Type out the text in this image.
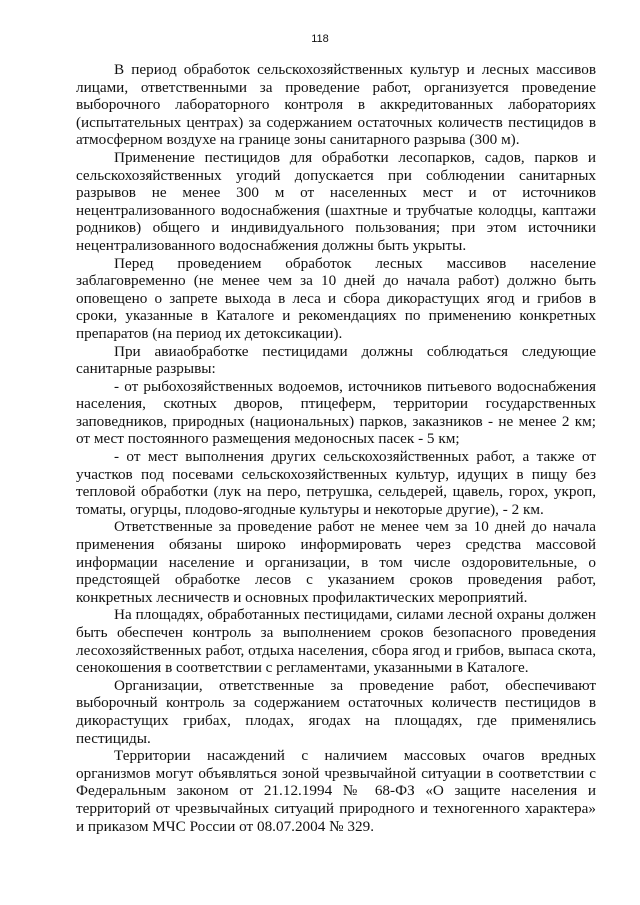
118

В период обработок сельскохозяйственных культур и лесных массивов лицами, ответственными за проведение работ, организуется проведение выборочного лабораторного контроля в аккредитованных лабораториях (испытательных центрах) за содержанием остаточных количеств пестицидов в атмосферном воздухе на границе зоны санитарного разрыва (300 м).

Применение пестицидов для обработки лесопарков, садов, парков и сельскохозяйственных угодий допускается при соблюдении санитарных разрывов не менее 300 м от населенных мест и от источников нецентрализованного водоснабжения (шахтные и трубчатые колодцы, каптажи родников) общего и индивидуального пользования; при этом источники нецентрализованного водоснабжения должны быть укрыты.

Перед проведением обработок лесных массивов население заблаговременно (не менее чем за 10 дней до начала работ) должно быть оповещено о запрете выхода в леса и сбора дикорастущих ягод и грибов в сроки, указанные в Каталоге и рекомендациях по применению конкретных препаратов (на период их детоксикации).

При авиаобработке пестицидами должны соблюдаться следующие санитарные разрывы:

- от рыбохозяйственных водоемов, источников питьевого водоснабжения населения, скотных дворов, птицеферм, территории государственных заповедников, природных (национальных) парков, заказников - не менее 2 км; от мест постоянного размещения медоносных пасек - 5 км;

- от мест выполнения других сельскохозяйственных работ, а также от участков под посевами сельскохозяйственных культур, идущих в пищу без тепловой обработки (лук на перо, петрушка, сельдерей, щавель, горох, укроп, томаты, огурцы, плодово-ягодные культуры и некоторые другие), - 2 км.

Ответственные за проведение работ не менее чем за 10 дней до начала применения обязаны широко информировать через средства массовой информации население и организации, в том числе оздоровительные, о предстоящей обработке лесов с указанием сроков проведения работ, конкретных лесничеств и основных профилактических мероприятий.

На площадях, обработанных пестицидами, силами лесной охраны должен быть обеспечен контроль за выполнением сроков безопасного проведения лесохозяйственных работ, отдыха населения, сбора ягод и грибов, выпаса скота, сенокошения в соответствии с регламентами, указанными в Каталоге.

Организации, ответственные за проведение работ, обеспечивают выборочный контроль за содержанием остаточных количеств пестицидов в дикорастущих грибах, плодах, ягодах на площадях, где применялись пестициды.

Территории насаждений с наличием массовых очагов вредных организмов могут объявляться зоной чрезвычайной ситуации в соответствии с Федеральным законом от 21.12.1994 № 68-ФЗ «О защите населения и территорий от чрезвычайных ситуаций природного и техногенного характера» и приказом МЧС России от 08.07.2004 № 329.
